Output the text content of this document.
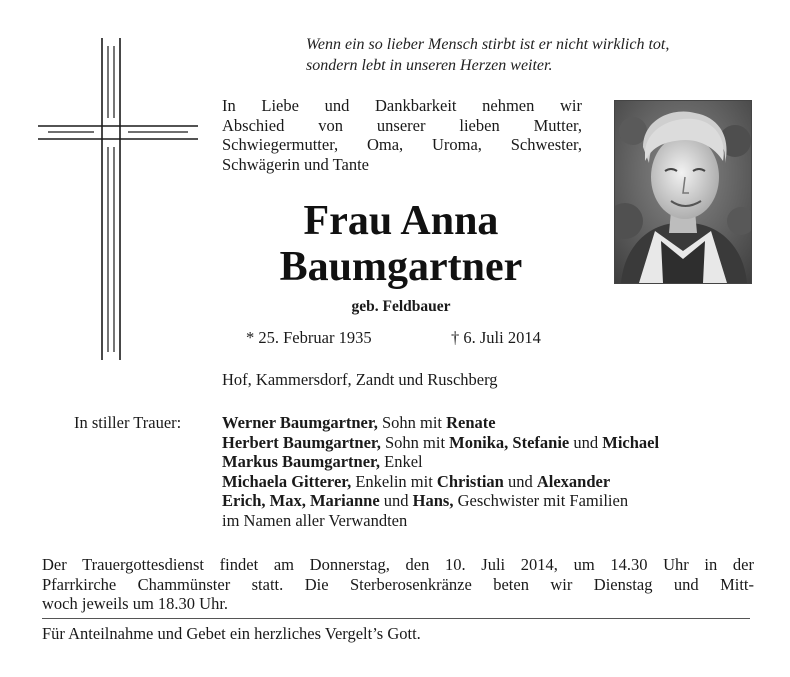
Wenn ein so lieber Mensch stirbt ist er nicht wirklich tot,
sondern lebt in unseren Herzen weiter.
In Liebe und Dankbarkeit nehmen wir
Abschied von unserer lieben Mutter,
Schwiegermutter, Oma, Uroma, Schwester,
Schwägerin und Tante
Frau Anna
Baumgartner
geb. Feldbauer
* 25. Februar 1935	† 6. Juli 2014
Hof, Kammersdorf, Zandt und Ruschberg
In stiller Trauer: Werner Baumgartner, Sohn mit Renate
Herbert Baumgartner, Sohn mit Monika, Stefanie und Michael
Markus Baumgartner, Enkel
Michaela Gitterer, Enkelin mit Christian und Alexander
Erich, Max, Marianne und Hans, Geschwister mit Familien
im Namen aller Verwandten
Der Trauergottesdienst findet am Donnerstag, den 10. Juli 2014, um 14.30 Uhr in der
Pfarrkirche Chammünster statt. Die Sterberosenkränze beten wir Dienstag und Mitt-
woch jeweils um 18.30 Uhr.
Für Anteilnahme und Gebet ein herzliches Vergelt’s Gott.
